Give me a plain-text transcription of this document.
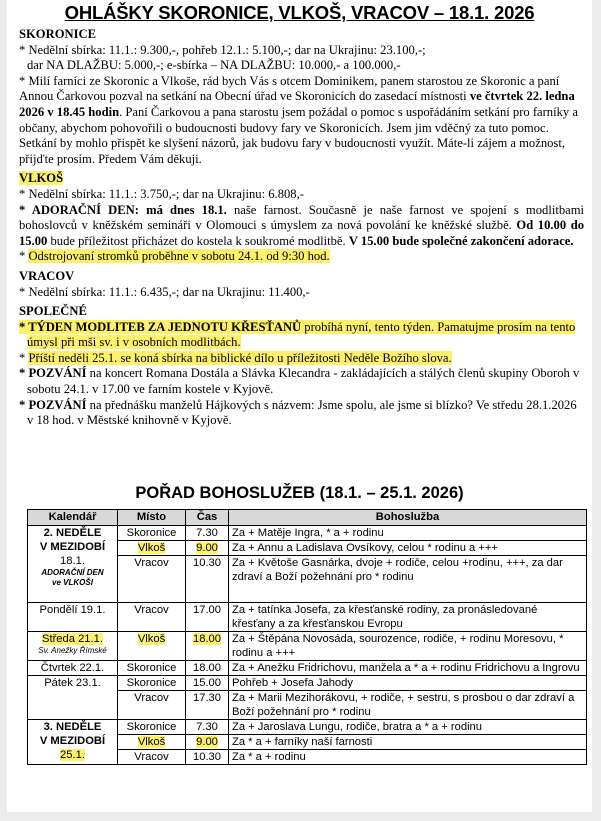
OHLÁŠKY SKORONICE, VLKOŠ, VRACOV – 18.1. 2026
SKORONICE

* Nedělní sbírka: 11.1.: 9.300,-, pohřeb 12.1.: 5.100,-; dar na Ukrajinu: 23.100,-;

dar NA DLAŽBU: 5.000,-; e-sbírka – NA DLAŽBU: 10.000,- a 100.000,-

* Milí farníci ze Skoronic a Vlkoše, rád bych Vás s otcem Dominikem, panem starostou ze Skoronic a paní Annou Čarkovou pozval na setkání na Obecní úřad ve Skoronicích do zasedací místnosti ve čtvrtek 22. ledna 2026 v 18.45 hodin. Paní Čarkovou a pana starostu jsem požádal o pomoc s uspořádáním setkání pro farníky a občany, abychom pohovořili o budoucnosti budovy fary ve Skoronicích. Jsem jim vděčný za tuto pomoc. Setkání by mohlo přispět ke slyšení názorů, jak budovu fary v budoucnosti využít. Máte-li zájem a možnost, přijďte prosím. Předem Vám děkuji.

VLKOŠ

* Nedělní sbírka: 11.1.: 3.750,-; dar na Ukrajinu: 6.808,-

* ADORAČNÍ DEN: má dnes 18.1. naše farnost. Současně je naše farnost ve spojení s modlitbami bohoslovců v kněžském semináři v Olomouci s úmyslem za nová povolání ke kněžské službě. Od 10.00 do 15.00 bude příležitost přicházet do kostela k soukromé modlitbě. V 15.00 bude společné zakončení adorace.

* Odstrojovaní stromků proběhne v sobotu 24.1. od 9:30 hod.

VRACOV

* Nedělní sbírka: 11.1.: 6.435,-; dar na Ukrajinu: 11.400,-

SPOLEČNÉ

* TÝDEN MODLITEB ZA JEDNOTU KŘESŤANŮ probíhá nyní, tento týden. Pamatujme prosím na tento úmysl při mši sv. i v osobních modlitbách.

* Příští neděli 25.1. se koná sbírka na biblické dílo u příležitosti Neděle Božího slova.

* POZVÁNÍ na koncert Romana Dostála a Slávka Klecandra - zakládajících a stálých členů skupiny Oboroh v sobotu 24.1. v 17.00 ve farním kostele v Kyjově.

* POZVÁNÍ na přednášku manželů Hájkových s názvem: Jsme spolu, ale jsme si blízko? Ve středu 28.1.2026 v 18 hod. v Městské knihovně v Kyjově.

POŘAD BOHOSLUŽEB (18.1. – 25.1. 2026)
Kalendář	Místo	Čas	Bohoslužba

2. NEDĚLE
V MEZIDOBÍ
18.1.
ADORAČNÍ DEN
ve VLKOŠI	Skoronice	7.30	Za + Matěje Ingra, * a + rodinu
	Vlkoš	9.00	Za + Annu a Ladislava Ovsíkovy, celou * rodinu a +++
	Vracov	10.30	Za + Květoše Gasnárka, dvoje + rodiče, celou +rodinu, +++, za dar zdraví a Boží požehnání pro * rodinu
Pondělí 19.1.	Vracov	17.00	Za + tatínka Josefa, za křesťanské rodiny, za pronásledované křesťany a za křesťanskou Evropu

Středa 21.1.
Sv. Anežky Římské	Vlkoš	18.00	Za + Štěpána Novosáda, sourozence, rodiče, + rodinu Moresovu, * rodinu a +++
Čtvrtek 22.1.	Skoronice	18.00	Za + Anežku Fridrichovu, manžela a * a + rodinu Fridrichovu a Ingrovu
Pátek 23.1.	Skoronice	15.00	Pohřeb + Josefa Jahody
	Vracov	17.30	Za + Marii Mezihorákovu, + rodiče, + sestru, s prosbou o dar zdraví a Boží požehnání pro * rodinu

3. NEDĚLE
V MEZIDOBÍ
25.1.	Skoronice	7.30	Za + Jaroslava Lungu, rodiče, bratra a * a + rodinu
	Vlkoš	9.00	Za * a + farníky naší farnosti
	Vracov	10.30	Za * a + rodinu
